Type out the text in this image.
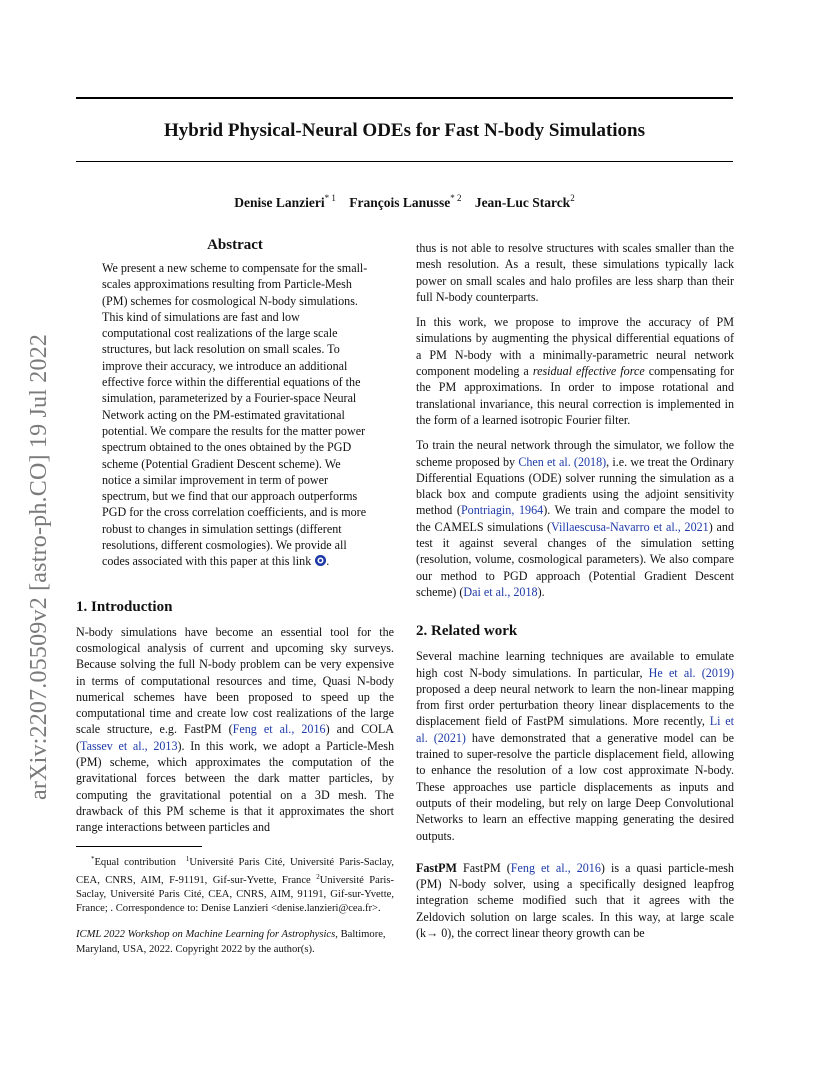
Hybrid Physical-Neural ODEs for Fast N-body Simulations
Denise Lanzieri$^{* 1}$ François Lanusse$^{* 2}$ Jean-Luc Starck$^2$
arXiv:2207.05509v2 [astro-ph.CO] 19 Jul 2022
Abstract

We present a new scheme to compensate for the small-scales approximations resulting from Particle-Mesh (PM) schemes for cosmological N-body simulations. This kind of simulations are fast and low computational cost realizations of the large scale structures, but lack resolution on small scales. To improve their accuracy, we introduce an additional effective force within the differential equations of the simulation, parameterized by a Fourier-space Neural Network acting on the PM-estimated gravitational potential. We compare the results for the matter power spectrum obtained to the ones obtained by the PGD scheme (Potential Gradient Descent scheme). We notice a similar improvement in term of power spectrum, but we find that our approach outperforms PGD for the cross correlation coefficients, and is more robust to changes in simulation settings (different resolutions, different cosmologies). We provide all codes associated with this paper at this link .

1. Introduction

N-body simulations have become an essential tool for the cosmological analysis of current and upcoming sky surveys. Because solving the full N-body problem can be very expensive in terms of computational resources and time, Quasi N-body numerical schemes have been proposed to speed up the computational time and create low cost realizations of the large scale structure, e.g. FastPM (Feng et al., 2016) and COLA (Tassev et al., 2013). In this work, we adopt a Particle-Mesh (PM) scheme, which approximates the computation of the gravitational forces between the dark matter particles, by computing the gravitational potential on a 3D mesh. The drawback of this PM scheme is that it approximates the short range interactions between particles and

*Equal contribution $^1$Université Paris Cité, Université Paris-Saclay, CEA, CNRS, AIM, F-91191, Gif-sur-Yvette, France $^2$Université Paris-Saclay, Université Paris Cité, CEA, CNRS, AIM, 91191, Gif-sur-Yvette, France; . Correspondence to: Denise Lanzieri <denise.lanzieri@cea.fr>.

ICML 2022 Workshop on Machine Learning for Astrophysics, Baltimore, Maryland, USA, 2022. Copyright 2022 by the author(s).

thus is not able to resolve structures with scales smaller than the mesh resolution. As a result, these simulations typically lack power on small scales and halo profiles are less sharp than their full N-body counterparts.

In this work, we propose to improve the accuracy of PM simulations by augmenting the physical differential equations of a PM N-body with a minimally-parametric neural network component modeling a residual effective force compensating for the PM approximations. In order to impose rotational and translational invariance, this neural correction is implemented in the form of a learned isotropic Fourier filter.

To train the neural network through the simulator, we follow the scheme proposed by Chen et al. (2018), i.e. we treat the Ordinary Differential Equations (ODE) solver running the simulation as a black box and compute gradients using the adjoint sensitivity method (Pontriagin, 1964). We train and compare the model to the CAMELS simulations (Villaescusa-Navarro et al., 2021) and test it against several changes of the simulation setting (resolution, volume, cosmological parameters). We also compare our method to PGD approach (Potential Gradient Descent scheme) (Dai et al., 2018).

2. Related work

Several machine learning techniques are available to emulate high cost N-body simulations. In particular, He et al. (2019) proposed a deep neural network to learn the non-linear mapping from first order perturbation theory linear displacements to the displacement field of FastPM simulations. More recently, Li et al. (2021) have demonstrated that a generative model can be trained to super-resolve the particle displacement field, allowing to enhance the resolution of a low cost approximate N-body. These approaches use particle displacements as inputs and outputs of their modeling, but rely on large Deep Convolutional Networks to learn an effective mapping generating the desired outputs.

FastPM FastPM (Feng et al., 2016) is a quasi particle-mesh (PM) N-body solver, using a specifically designed leapfrog integration scheme modified such that it agrees with the Zeldovich solution on large scales. In this way, at large scale (k→ 0), the correct linear theory growth can be
